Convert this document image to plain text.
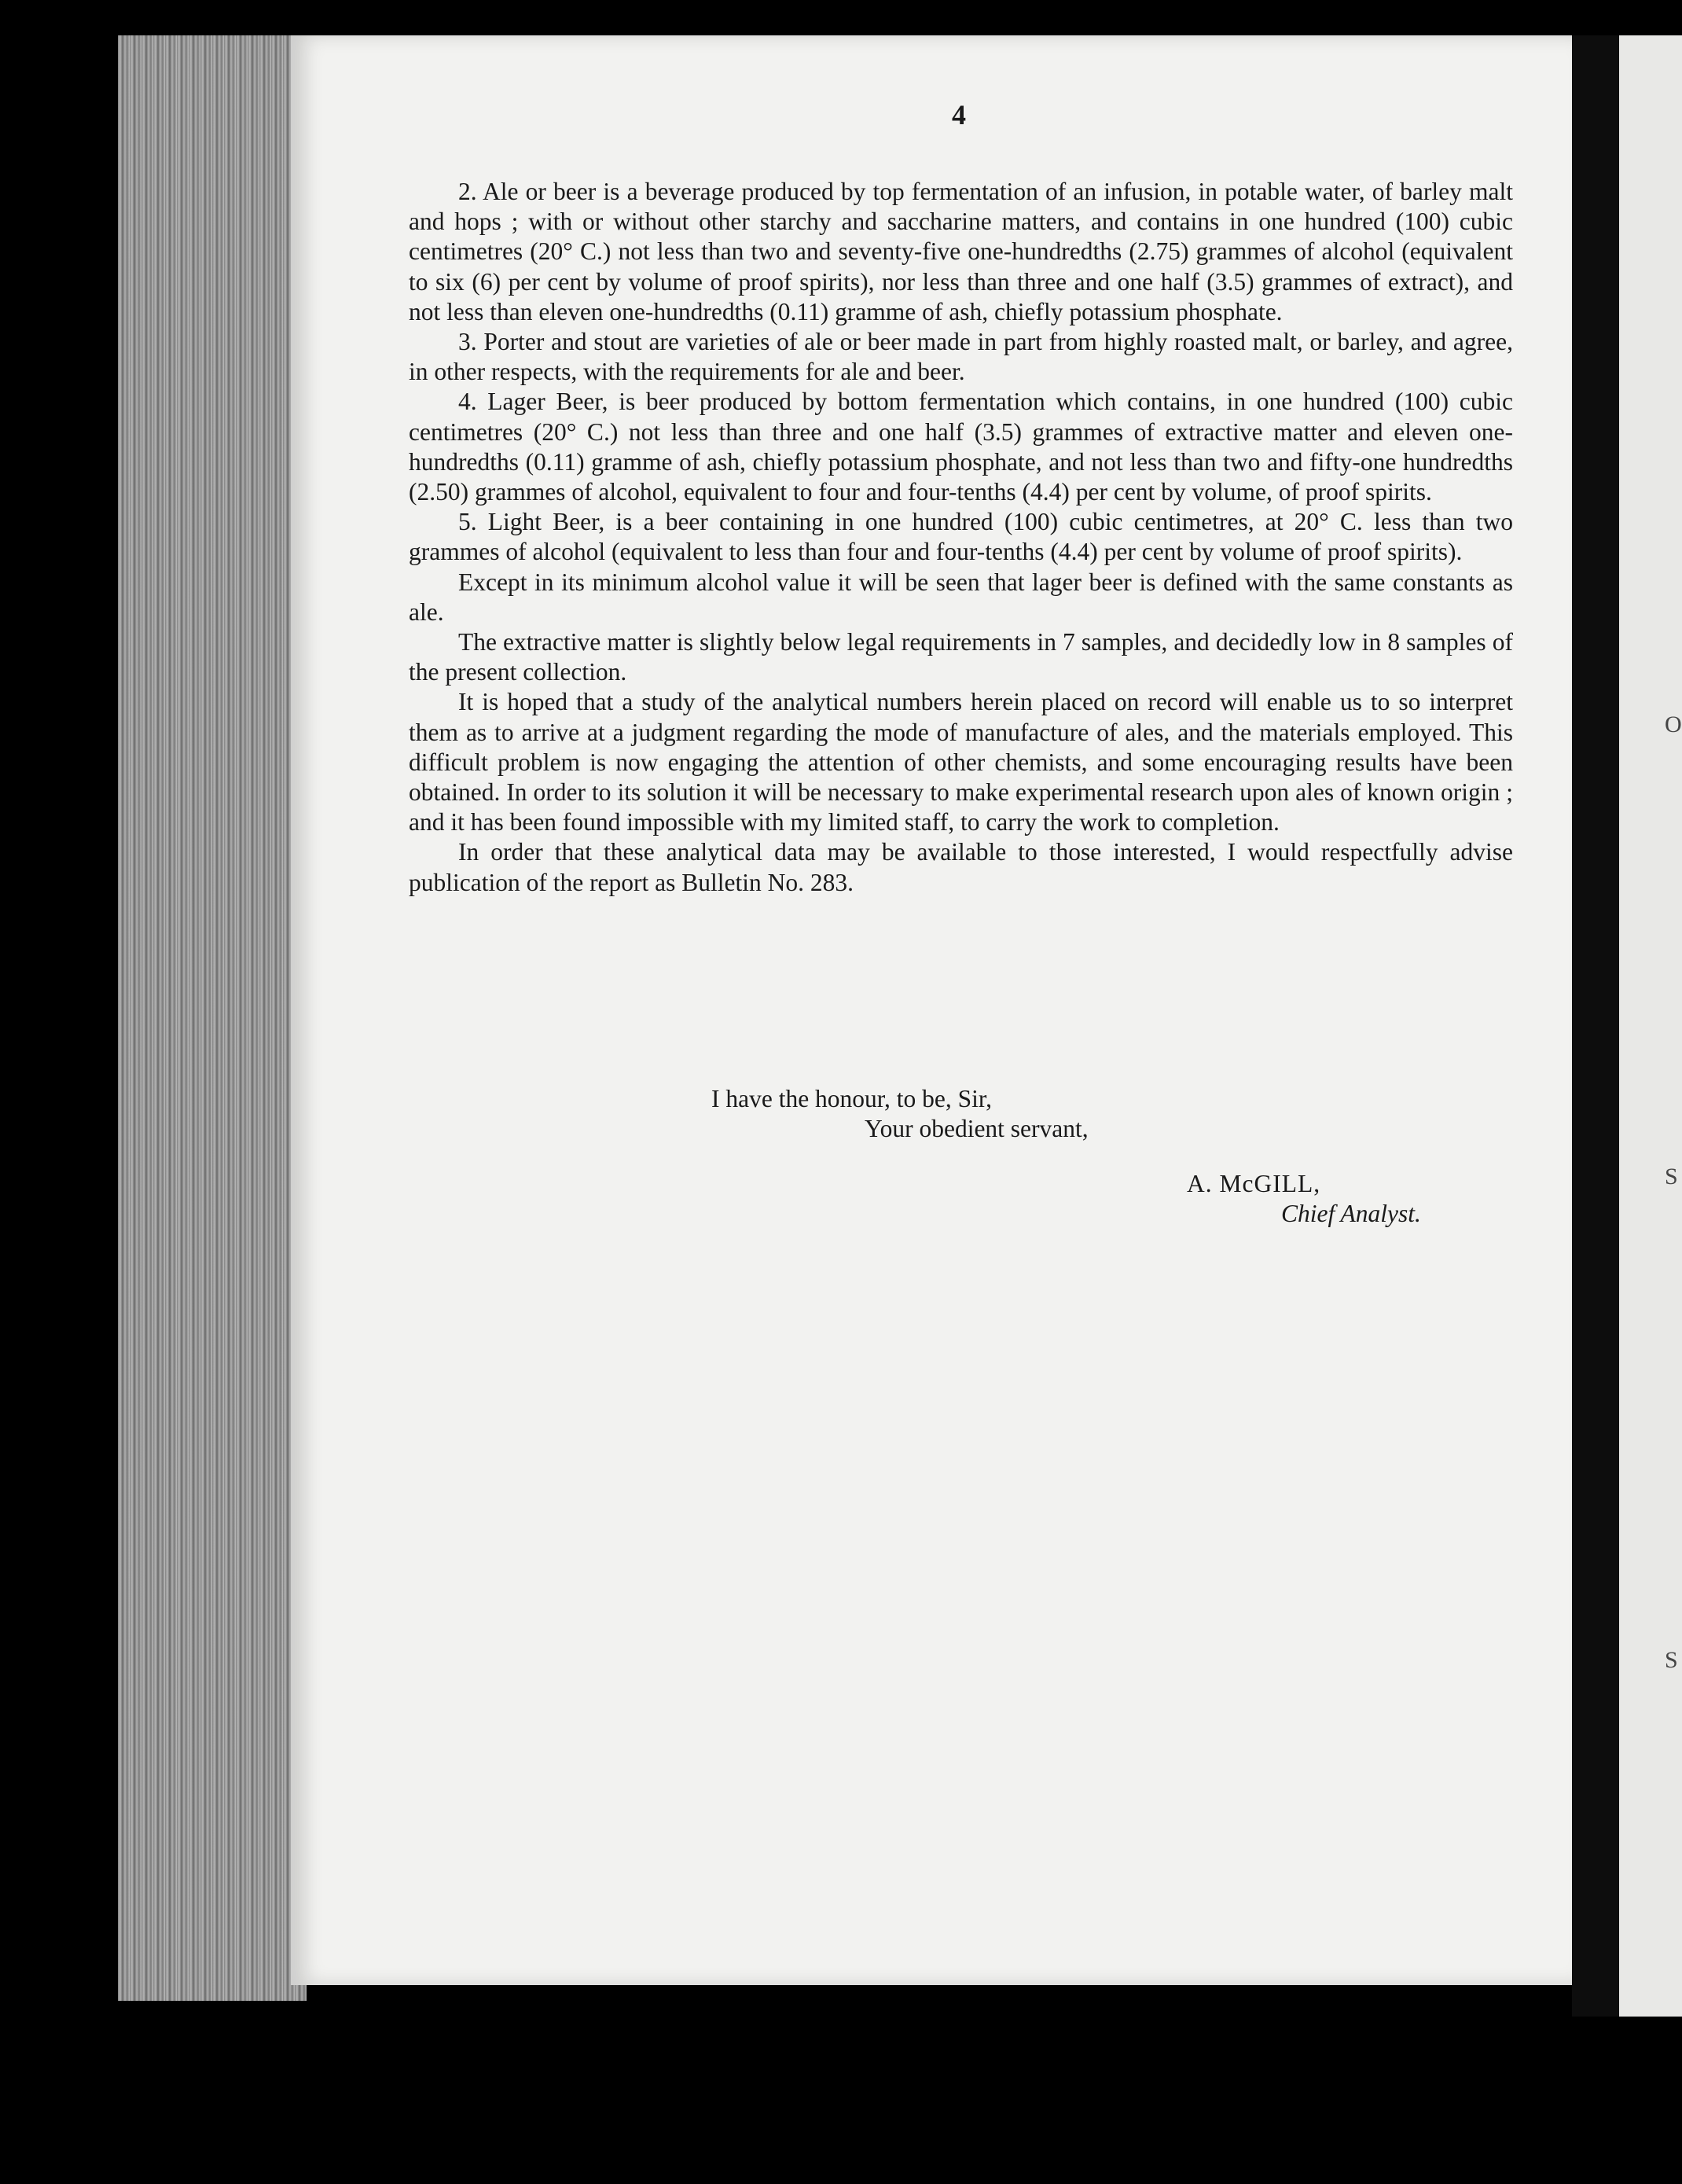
O
S
S
4

2. Ale or beer is a beverage produced by top fermentation of an infusion, in potable water, of barley malt and hops ; with or without other starchy and saccharine matters, and contains in one hundred (100) cubic centimetres (20° C.) not less than two and seventy-five one-hundredths (2.75) grammes of alcohol (equivalent to six (6) per cent by volume of proof spirits), nor less than three and one half (3.5) grammes of extract), and not less than eleven one-hundredths (0.11) gramme of ash, chiefly potassium phosphate.

3. Porter and stout are varieties of ale or beer made in part from highly roasted malt, or barley, and agree, in other respects, with the requirements for ale and beer.

4. Lager Beer, is beer produced by bottom fermentation which contains, in one hundred (100) cubic centimetres (20° C.) not less than three and one half (3.5) grammes of extractive matter and eleven one-hundredths (0.11) gramme of ash, chiefly potassium phosphate, and not less than two and fifty-one hundredths (2.50) grammes of alcohol, equivalent to four and four-tenths (4.4) per cent by volume, of proof spirits.

5. Light Beer, is a beer containing in one hundred (100) cubic centimetres, at 20° C. less than two grammes of alcohol (equivalent to less than four and four-tenths (4.4) per cent by volume of proof spirits).

Except in its minimum alcohol value it will be seen that lager beer is defined with the same constants as ale.

The extractive matter is slightly below legal requirements in 7 samples, and decidedly low in 8 samples of the present collection.

It is hoped that a study of the analytical numbers herein placed on record will enable us to so interpret them as to arrive at a judgment regarding the mode of manufacture of ales, and the materials employed. This difficult problem is now engaging the attention of other chemists, and some encouraging results have been obtained. In order to its solution it will be necessary to make experimental research upon ales of known origin ; and it has been found impossible with my limited staff, to carry the work to completion.

In order that these analytical data may be available to those interested, I would respectfully advise publication of the report as Bulletin No. 283.

I have the honour, to be, Sir,
Your obedient servant,
A. McGILL,
Chief Analyst.
